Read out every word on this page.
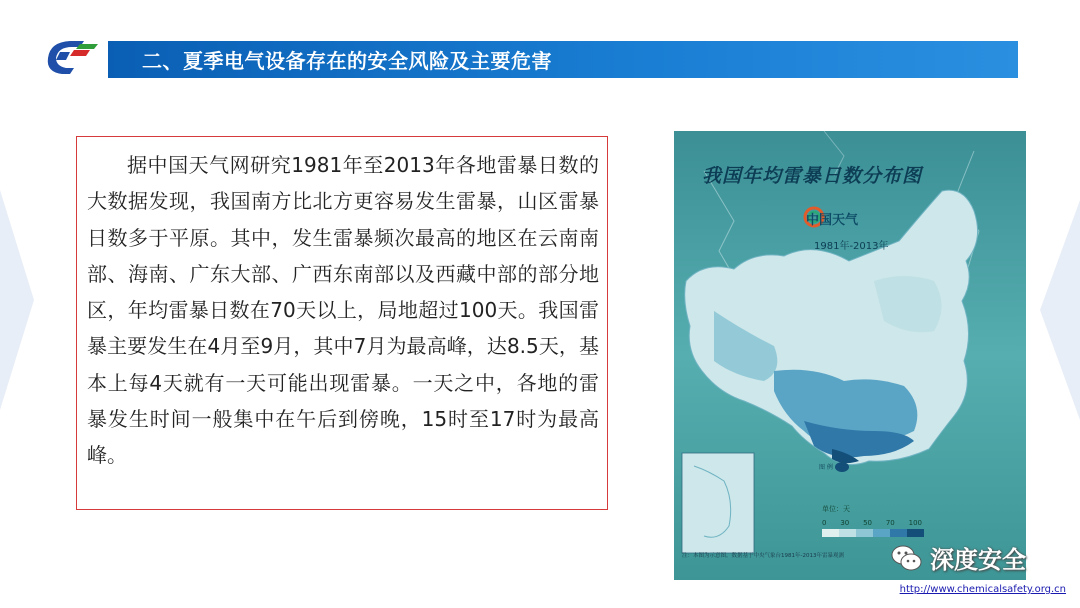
二、夏季电气设备存在的安全风险及主要危害

据中国天气网研究1981年至2013年各地雷暴日数的大数据发现，我国南方比北方更容易发生雷暴，山区雷暴日数多于平原。其中，发生雷暴频次最高的地区在云南南部、海南、广东大部、广西东南部以及西藏中部的部分地区，年均雷暴日数在70天以上，局地超过100天。我国雷暴主要发生在4月至9月，其中7月为最高峰，达8.5天，基本上每4天就有一天可能出现雷暴。一天之中，各地的雷暴发生时间一般集中在午后到傍晚，15时至17时为最高峰。

图 例
我国年均雷暴日数分布图
中国天气
1981年-2013年
单位：天
0 30 50 70 100
注：本图为示意图。数据基于中央气象台1981年-2013年雷暴观测	深度安全
http://www.chemicalsafety.org.cn
